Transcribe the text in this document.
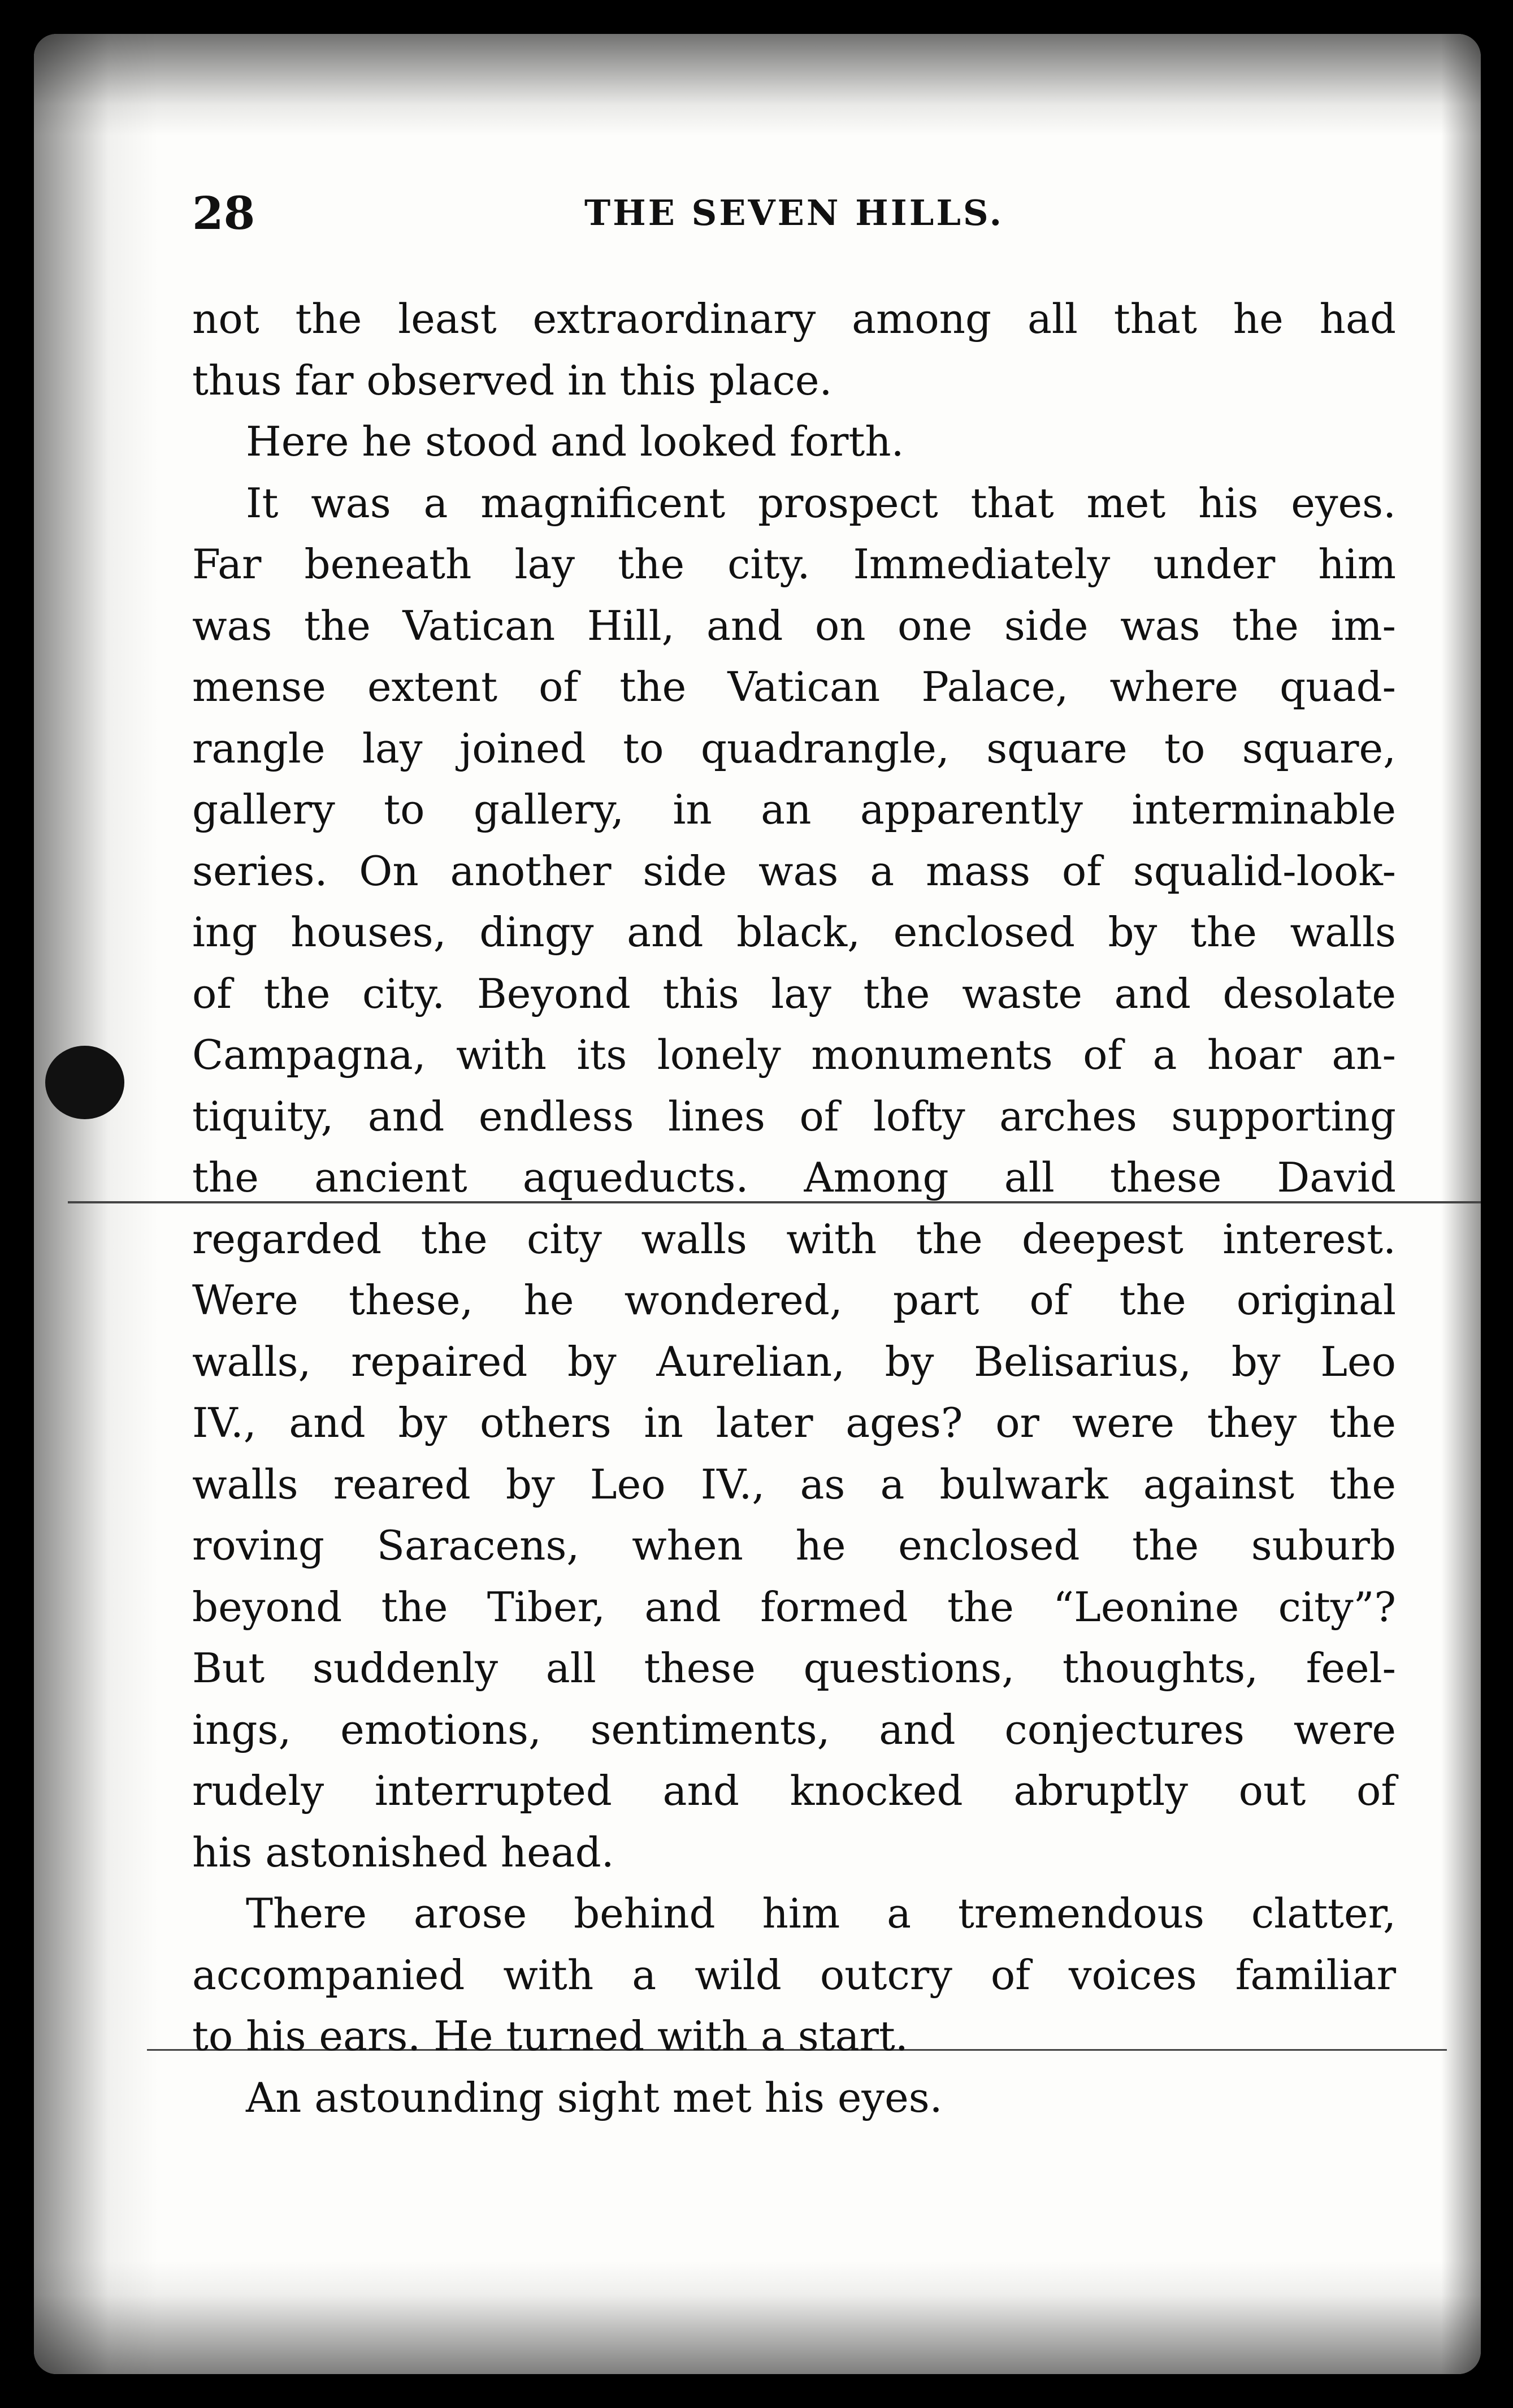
28	THE SEVEN HILLS.
not the least extraordinary among all that he had
thus far observed in this place.
Here he stood and looked forth.
It was a magnificent prospect that met his eyes.
Far beneath lay the city. Immediately under him
was the Vatican Hill, and on one side was the im-
mense extent of the Vatican Palace, where quad-
rangle lay joined to quadrangle, square to square,
gallery to gallery, in an apparently interminable
series. On another side was a mass of squalid-look-
ing houses, dingy and black, enclosed by the walls
of the city. Beyond this lay the waste and desolate
Campagna, with its lonely monuments of a hoar an-
tiquity, and endless lines of lofty arches supporting
the ancient aqueducts. Among all these David
regarded the city walls with the deepest interest.
Were these, he wondered, part of the original
walls, repaired by Aurelian, by Belisarius, by Leo
IV., and by others in later ages? or were they the
walls reared by Leo IV., as a bulwark against the
roving Saracens, when he enclosed the suburb
beyond the Tiber, and formed the “Leonine city”?
But suddenly all these questions, thoughts, feel-
ings, emotions, sentiments, and conjectures were
rudely interrupted and knocked abruptly out of
his astonished head.
There arose behind him a tremendous clatter,
accompanied with a wild outcry of voices familiar
to his ears. He turned with a start.
An astounding sight met his eyes.
